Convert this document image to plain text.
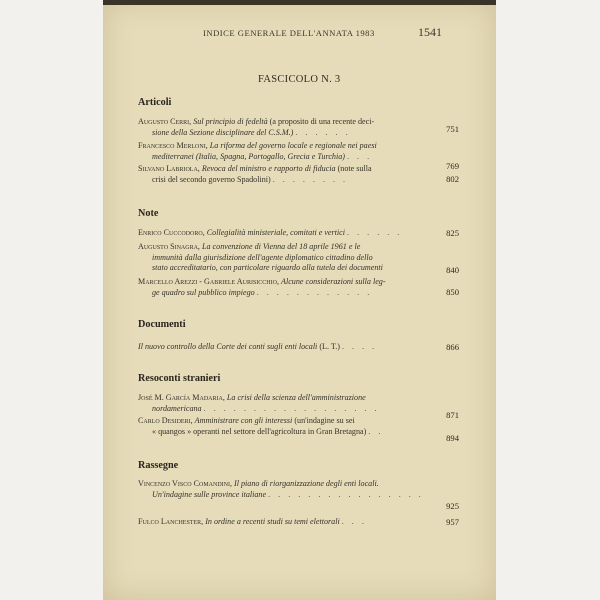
INDICE GENERALE DELL'ANNATA 1983	1541
FASCICOLO N. 3
Articoli
Augusto Cerri, Sul principio di fedeltà (a proposito di una recente deci-
sione della Sezione disciplinare del C.S.M.) . . . . . .	751
Francesco Merloni, La riforma del governo locale e regionale nei paesi
mediterranei (Italia, Spagna, Portogallo, Grecia e Turchia) . . .
769
Silvano Labriola, Revoca del ministro e rapporto di fiducia (note sulla
crisi del secondo governo Spadolini) . . . . . . . .	802
Note
Enrico Cuccodoro, Collegialità ministeriale, comitati e vertici . . . . . .	825
Augusto Sinagra, La convenzione di Vienna del 18 aprile 1961 e le
immunità dalla giurisdizione dell'agente diplomatico cittadino dello
stato accreditatario, con particolare riguardo alla tutela dei documenti	840
Marcello Arezzi - Gabriele Aurisicchio, Alcune considerazioni sulla leg-
ge quadro sul pubblico impiego . . . . . . . . . . . .	850
Documenti
Il nuovo controllo della Corte dei conti sugli enti locali (L. T.) . . . .	866
Resoconti stranieri
José M. García Madaria, La crisi della scienza dell'amministrazione
nordamericana . . . . . . . . . . . . . . . . . .
871
Carlo Desideri, Amministrare con gli interessi (un'indagine su sei
« quangos » operanti nel settore dell'agricoltura in Gran Bretagna) . .
894
Rassegne
Vincenzo Visco Comandini, Il piano di riorganizzazione degli enti locali.
Un'indagine sulle province italiane . . . . . . . . . . . . . . . .
925
Fulco Lanchester, In ordine a recenti studi su temi elettorali . . .	957
